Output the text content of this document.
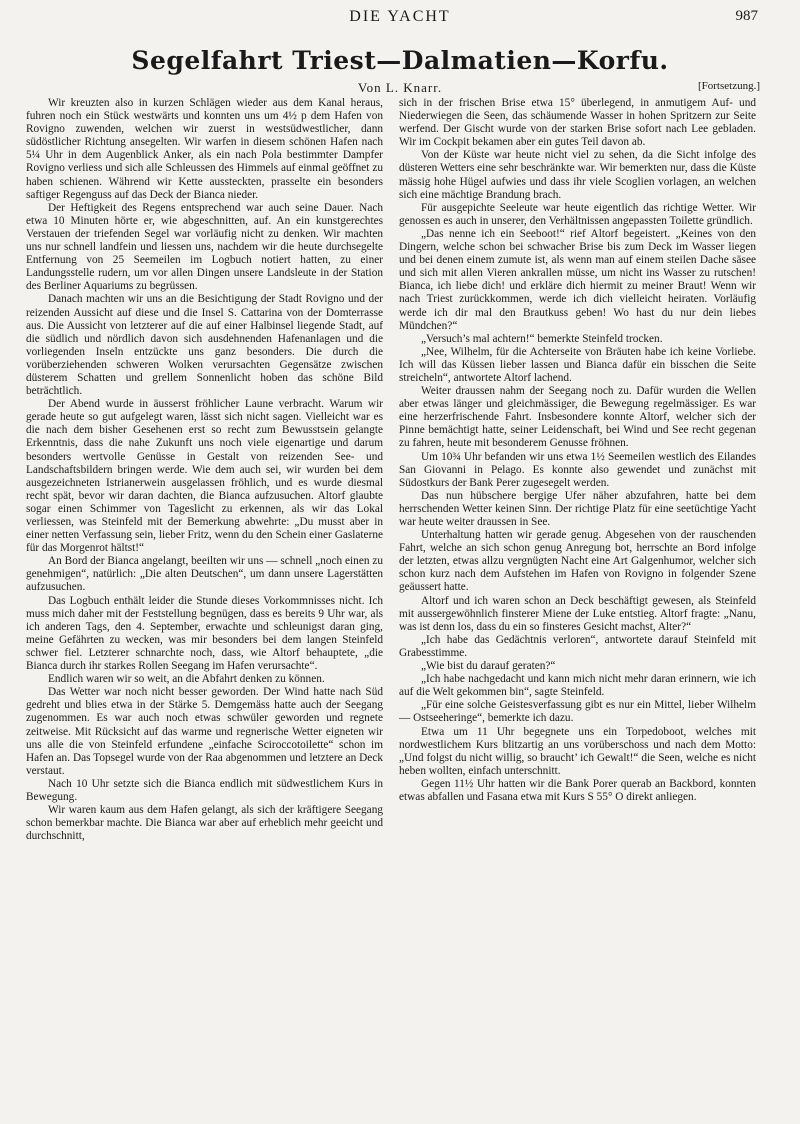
DIE YACHT	987
Segelfahrt Triest—Dalmatien—Korfu.
Von L. Knarr.	[Fortsetzung.]

Wir kreuzten also in kurzen Schlägen wieder aus dem Kanal heraus, fuhren noch ein Stück westwärts und konnten uns um 4½ p dem Hafen von Rovigno zuwenden, welchen wir zuerst in westsüdwestlicher, dann südöstlicher Richtung ansegelten. Wir warfen in diesem schönen Hafen nach 5¼ Uhr in dem Augenblick Anker, als ein nach Pola bestimmter Dampfer Rovigno verliess und sich alle Schleussen des Himmels auf einmal geöffnet zu haben schienen. Während wir Kette aussteckten, prasselte ein besonders saftiger Regenguss auf das Deck der Bianca nieder.

Der Heftigkeit des Regens entsprechend war auch seine Dauer. Nach etwa 10 Minuten hörte er, wie abgeschnitten, auf. An ein kunstgerechtes Verstauen der triefenden Segel war vorläufig nicht zu denken. Wir machten uns nur schnell landfein und liessen uns, nachdem wir die heute durchsegelte Entfernung von 25 Seemeilen im Logbuch notiert hatten, zu einer Landungsstelle rudern, um vor allen Dingen unsere Landsleute in der Station des Berliner Aquariums zu begrüssen.

Danach machten wir uns an die Besichtigung der Stadt Rovigno und der reizenden Aussicht auf diese und die Insel S. Cattarina von der Domterrasse aus. Die Aussicht von letzterer auf die auf einer Halbinsel liegende Stadt, auf die südlich und nördlich davon sich ausdehnenden Hafenanlagen und die vorliegenden Inseln entzückte uns ganz besonders. Die durch die vorüberziehenden schweren Wolken verursachten Gegensätze zwischen düsterem Schatten und grellem Sonnenlicht hoben das schöne Bild beträchtlich.

Der Abend wurde in äusserst fröhlicher Laune verbracht. Warum wir gerade heute so gut aufgelegt waren, lässt sich nicht sagen. Vielleicht war es die nach dem bisher Gesehenen erst so recht zum Bewusstsein gelangte Erkenntnis, dass die nahe Zukunft uns noch viele eigenartige und darum besonders wertvolle Genüsse in Gestalt von reizenden See- und Landschaftsbildern bringen werde. Wie dem auch sei, wir wurden bei dem ausgezeichneten Istrianerwein ausgelassen fröhlich, und es wurde diesmal recht spät, bevor wir daran dachten, die Bianca aufzusuchen. Altorf glaubte sogar einen Schimmer von Tageslicht zu erkennen, als wir das Lokal verliessen, was Steinfeld mit der Bemerkung abwehrte: „Du musst aber in einer netten Verfassung sein, lieber Fritz, wenn du den Schein einer Gaslaterne für das Morgenrot hältst!“

An Bord der Bianca angelangt, beeilten wir uns — schnell „noch einen zu genehmigen“, natürlich: „Die alten Deutschen“, um dann unsere Lagerstätten aufzusuchen.

Das Logbuch enthält leider die Stunde dieses Vorkommnisses nicht. Ich muss mich daher mit der Feststellung begnügen, dass es bereits 9 Uhr war, als ich anderen Tags, den 4. September, erwachte und schleunigst daran ging, meine Gefährten zu wecken, was mir besonders bei dem langen Steinfeld schwer fiel. Letzterer schnarchte noch, dass, wie Altorf behauptete, „die Bianca durch ihr starkes Rollen Seegang im Hafen verursachte“.

Endlich waren wir so weit, an die Abfahrt denken zu können.

Das Wetter war noch nicht besser geworden. Der Wind hatte nach Süd gedreht und blies etwa in der Stärke 5. Demgemäss hatte auch der Seegang zugenommen. Es war auch noch etwas schwüler geworden und regnete zeitweise. Mit Rücksicht auf das warme und regnerische Wetter eigneten wir uns alle die von Steinfeld erfundene „einfache Sciroccotoilette“ schon im Hafen an. Das Topsegel wurde von der Raa abgenommen und letztere an Deck verstaut.

Nach 10 Uhr setzte sich die Bianca endlich mit südwestlichem Kurs in Bewegung.

Wir waren kaum aus dem Hafen gelangt, als sich der kräftigere Seegang schon bemerkbar machte. Die Bianca war aber auf erheblich mehr geeicht und durchschnitt,

sich in der frischen Brise etwa 15° überlegend, in anmutigem Auf- und Niederwiegen die Seen, das schäumende Wasser in hohen Spritzern zur Seite werfend. Der Gischt wurde von der starken Brise sofort nach Lee gebladen. Wir im Cockpit bekamen aber ein gutes Teil davon ab.

Von der Küste war heute nicht viel zu sehen, da die Sicht infolge des düsteren Wetters eine sehr beschränkte war. Wir bemerkten nur, dass die Küste mässig hohe Hügel aufwies und dass ihr viele Scoglien vorlagen, an welchen sich eine mächtige Brandung brach.

Für ausgepichte Seeleute war heute eigentlich das richtige Wetter. Wir genossen es auch in unserer, den Verhältnissen angepassten Toilette gründlich.

„Das nenne ich ein Seeboot!“ rief Altorf begeistert. „Keines von den Dingern, welche schon bei schwacher Brise bis zum Deck im Wasser liegen und bei denen einem zumute ist, als wenn man auf einem steilen Dache säsee und sich mit allen Vieren ankrallen müsse, um nicht ins Wasser zu rutschen! Bianca, ich liebe dich! und erkläre dich hiermit zu meiner Braut! Wenn wir nach Triest zurückkommen, werde ich dich vielleicht heiraten. Vorläufig werde ich dir mal den Brautkuss geben! Wo hast du nur dein liebes Mündchen?“

„Versuch’s mal achtern!“ bemerkte Steinfeld trocken.

„Nee, Wilhelm, für die Achterseite von Bräuten habe ich keine Vorliebe. Ich will das Küssen lieber lassen und Bianca dafür ein bisschen die Seite streicheln“, antwortete Altorf lachend.

Weiter draussen nahm der Seegang noch zu. Dafür wurden die Wellen aber etwas länger und gleichmässiger, die Bewegung regelmässiger. Es war eine herzerfrischende Fahrt. Insbesondere konnte Altorf, welcher sich der Pinne bemächtigt hatte, seiner Leidenschaft, bei Wind und See recht gegenan zu fahren, heute mit besonderem Genusse fröhnen.

Um 10¾ Uhr befanden wir uns etwa 1½ Seemeilen westlich des Eilandes San Giovanni in Pelago. Es konnte also gewendet und zunächst mit Südostkurs der Bank Perer zugesegelt werden.

Das nun hübschere bergige Ufer näher abzufahren, hatte bei dem herrschenden Wetter keinen Sinn. Der richtige Platz für eine seetüchtige Yacht war heute weiter draussen in See.

Unterhaltung hatten wir gerade genug. Abgesehen von der rauschenden Fahrt, welche an sich schon genug Anregung bot, herrschte an Bord infolge der letzten, etwas allzu vergnügten Nacht eine Art Galgenhumor, welcher sich schon kurz nach dem Aufstehen im Hafen von Rovigno in folgender Szene geäussert hatte.

Altorf und ich waren schon an Deck beschäftigt gewesen, als Steinfeld mit aussergewöhnlich finsterer Miene der Luke entstieg. Altorf fragte: „Nanu, was ist denn los, dass du ein so finsteres Gesicht machst, Alter?“

„Ich habe das Gedächtnis verloren“, antwortete darauf Steinfeld mit Grabesstimme.

„Wie bist du darauf geraten?“

„Ich habe nachgedacht und kann mich nicht mehr daran erinnern, wie ich auf die Welt gekommen bin“, sagte Steinfeld.

„Für eine solche Geistesverfassung gibt es nur ein Mittel, lieber Wilhelm — Ostseeheringe“, bemerkte ich dazu.

Etwa um 11 Uhr begegnete uns ein Torpedoboot, welches mit nordwestlichem Kurs blitzartig an uns vorüberschoss und nach dem Motto: „Und folgst du nicht willig, so braucht’ ich Gewalt!“ die Seen, welche es nicht heben wollten, einfach unterschnitt.

Gegen 11½ Uhr hatten wir die Bank Porer querab an Backbord, konnten etwas abfallen und Fasana etwa mit Kurs S 55° O direkt anliegen.
